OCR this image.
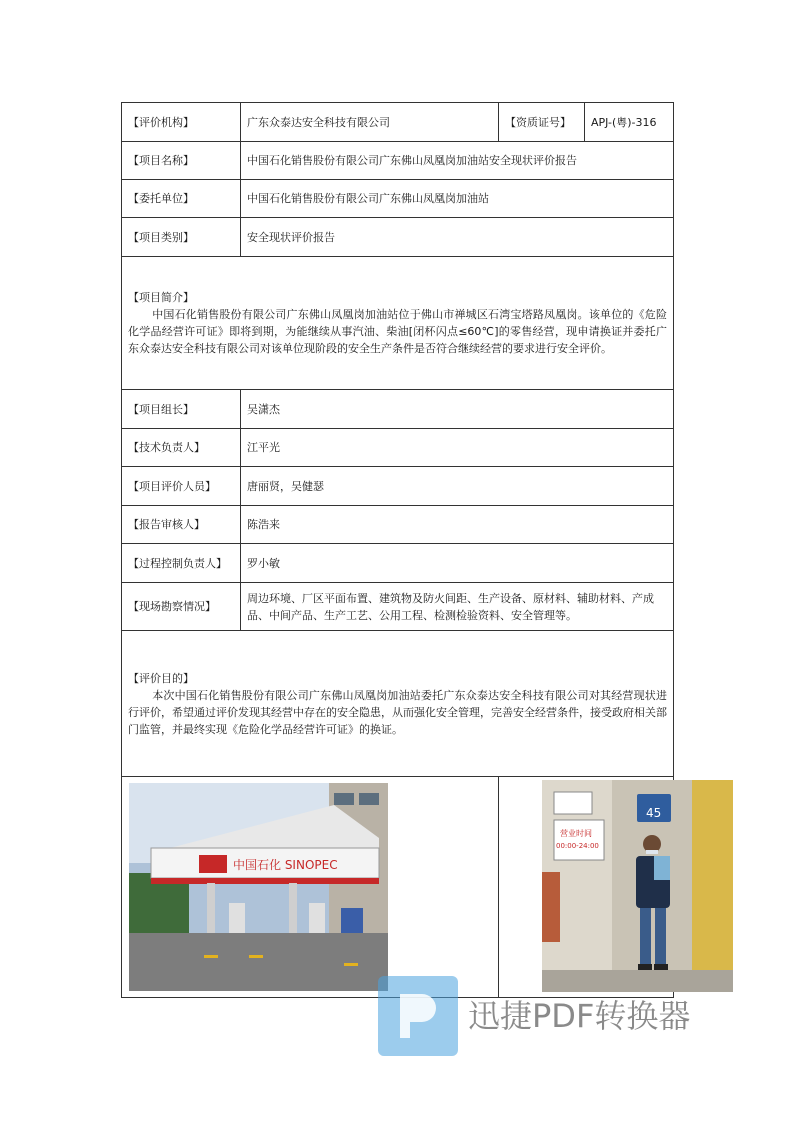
【评价机构】	广东众泰达安全科技有限公司	【资质证号】	APJ-(粤)-316
【项目名称】	中国石化销售股份有限公司广东佛山凤凰岗加油站安全现状评价报告		
【委托单位】	中国石化销售股份有限公司广东佛山凤凰岗加油站		
【项目类别】	安全现状评价报告		

【项目简介】

中国石化销售股份有限公司广东佛山凤凰岗加油站位于佛山市禅城区石湾宝塔路凤凰岗。该单位的《危险化学品经营许可证》即将到期，为能继续从事汽油、柴油[闭杯闪点≤60℃]的零售经营，现申请换证并委托广东众泰达安全科技有限公司对该单位现阶段的安全生产条件是否符合继续经营的要求进行安全评价。			

【项目组长】	吴潇杰		
【技术负责人】	江平光		
【项目评价人员】	唐丽贤，吴健瑟		
【报告审核人】	陈浩来		
【过程控制负责人】	罗小敏		
【现场勘察情况】	周边环境、厂区平面布置、建筑物及防火间距、生产设备、原材料、辅助材料、产成品、中间产品、生产工艺、公用工程、检测检验资料、安全管理等。		

【评价目的】

本次中国石化销售股份有限公司广东佛山凤凰岗加油站委托广东众泰达安全科技有限公司对其经营现状进行评价，希望通过评价发现其经营中存在的安全隐患，从而强化安全管理，完善安全经营条件，接受政府相关部门监管，并最终实现《危险化学品经营许可证》的换证。			

中国石化 SINOPEC		营业时间
00:00-24:00
45	
迅捷PDF转换器
